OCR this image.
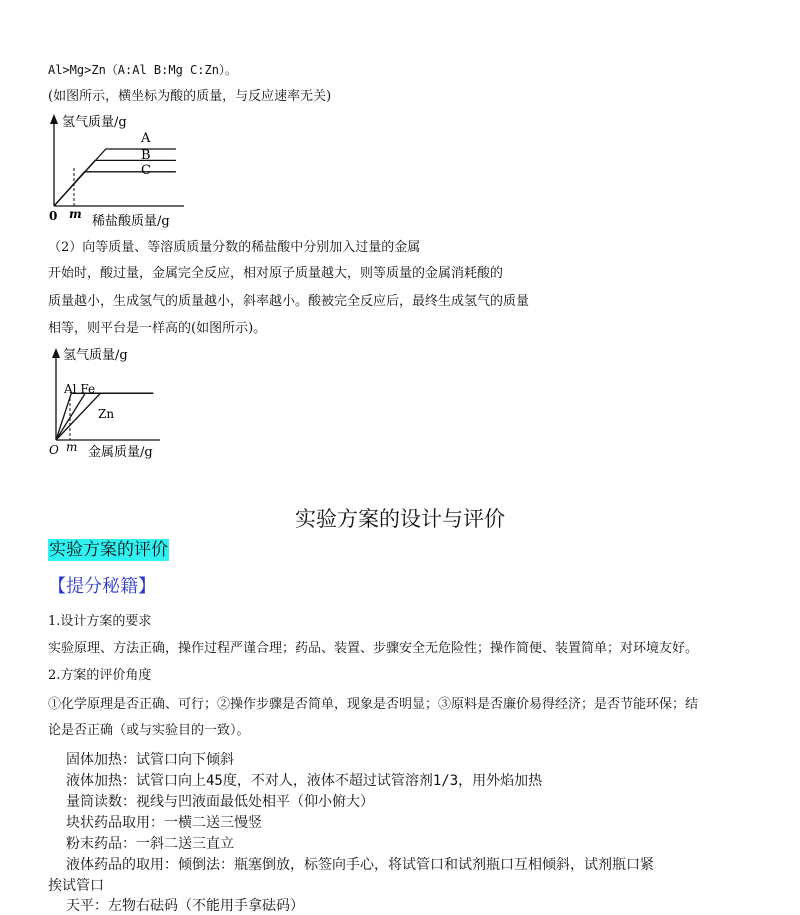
Al>Mg>Zn（A:Al B:Mg C:Zn）。
(如图所示，横坐标为酸的质量，与反应速率无关)
氢气质量/g
0 m 稀盐酸质量/g
A
B
C
（2）向等质量、等溶质质量分数的稀盐酸中分别加入过量的金属
开始时，酸过量，金属完全反应，相对原子质量越大，则等质量的金属消耗酸的
质量越小，生成氢气的质量越小，斜率越小。酸被完全反应后，最终生成氢气的质量
相等，则平台是一样高的(如图所示)。
氢气质量/g
O m 金属质量/g
Al Fe
Zn
实验方案的设计与评价
实验方案的评价
【提分秘籍】
1.设计方案的要求
实验原理、方法正确，操作过程严谨合理；药品、装置、步骤安全无危险性；操作简便、装置简单；对环境友好。
2.方案的评价角度
①化学原理是否正确、可行；②操作步骤是否简单，现象是否明显；③原料是否廉价易得经济；是否节能环保；结
论是否正确（或与实验目的一致）。
固体加热：试管口向下倾斜
液体加热：试管口向上45度，不对人，液体不超过试管溶剂1/3，用外焰加热
量筒读数：视线与凹液面最低处相平（仰小俯大）
块状药品取用：一横二送三慢竖
粉末药品：一斜二送三直立
液体药品的取用：倾倒法：瓶塞倒放，标签向手心，将试管口和试剂瓶口互相倾斜，试剂瓶口紧
挨试管口
天平：左物右砝码（不能用手拿砝码）
